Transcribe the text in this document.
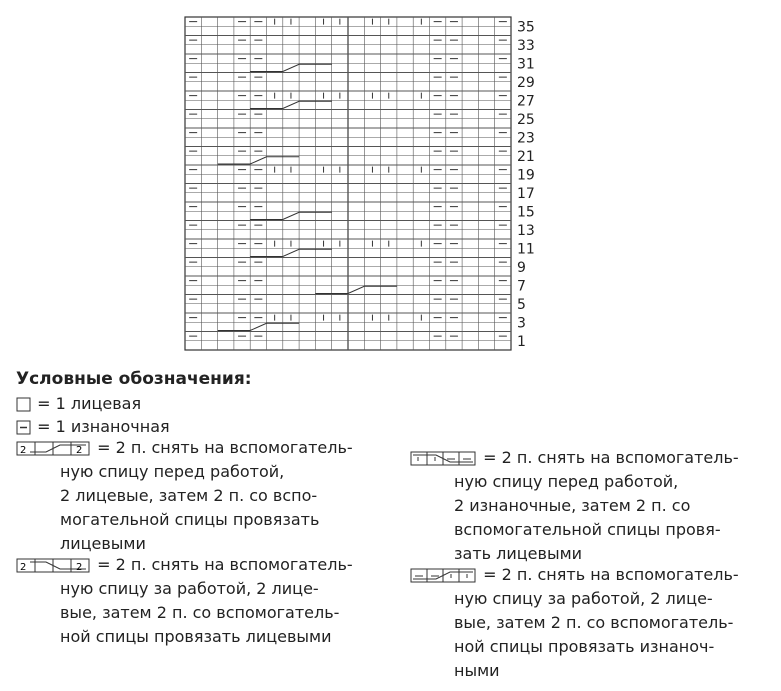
35
33
31
29
27
25
23
21
19
17
15
13
11
9
7
5
3
1
Условные обозначения:
= 1 лицевая
= 1 изнаночная
2	2 = 2 п. снять на вспомогатель-
ную спицу перед работой,
2 лицевые, затем 2 п. со вспо-
могательной спицы провязать
лицевыми
2	2 = 2 п. снять на вспомогатель-
ную спицу за работой, 2 лице-
вые, затем 2 п. со вспомогатель-
ной спицы провязать лицевыми
= 2 п. снять на вспомогатель-
ную спицу перед работой,
2 изнаночные, затем 2 п. со
вспомогательной спицы провя-
зать лицевыми
= 2 п. снять на вспомогатель-
ную спицу за работой, 2 лице-
вые, затем 2 п. со вспомогатель-
ной спицы провязать изнаноч-
ными
